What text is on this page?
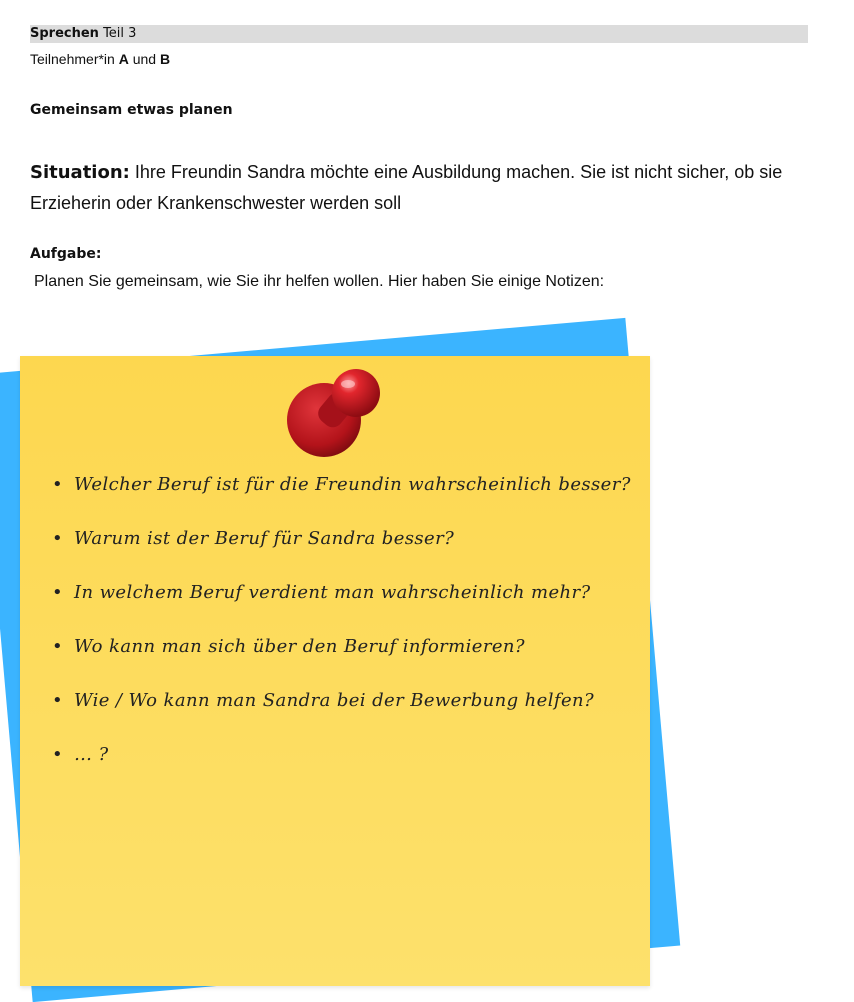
Sprechen Teil 3
Teilnehmer*in A und B
Gemeinsam etwas planen
Situation: Ihre Freundin Sandra möchte eine Ausbildung machen. Sie ist nicht sicher, ob sie Erzieherin oder Krankenschwester werden soll
Aufgabe:
Planen Sie gemeinsam, wie Sie ihr helfen wollen. Hier haben Sie einige Notizen:
• Welcher Beruf ist für die Freundin wahrscheinlich besser?
• Warum ist der Beruf für Sandra besser?
• In welchem Beruf verdient man wahrscheinlich mehr?
• Wo kann man sich über den Beruf informieren?
• Wie / Wo kann man Sandra bei der Bewerbung helfen?
• … ?
